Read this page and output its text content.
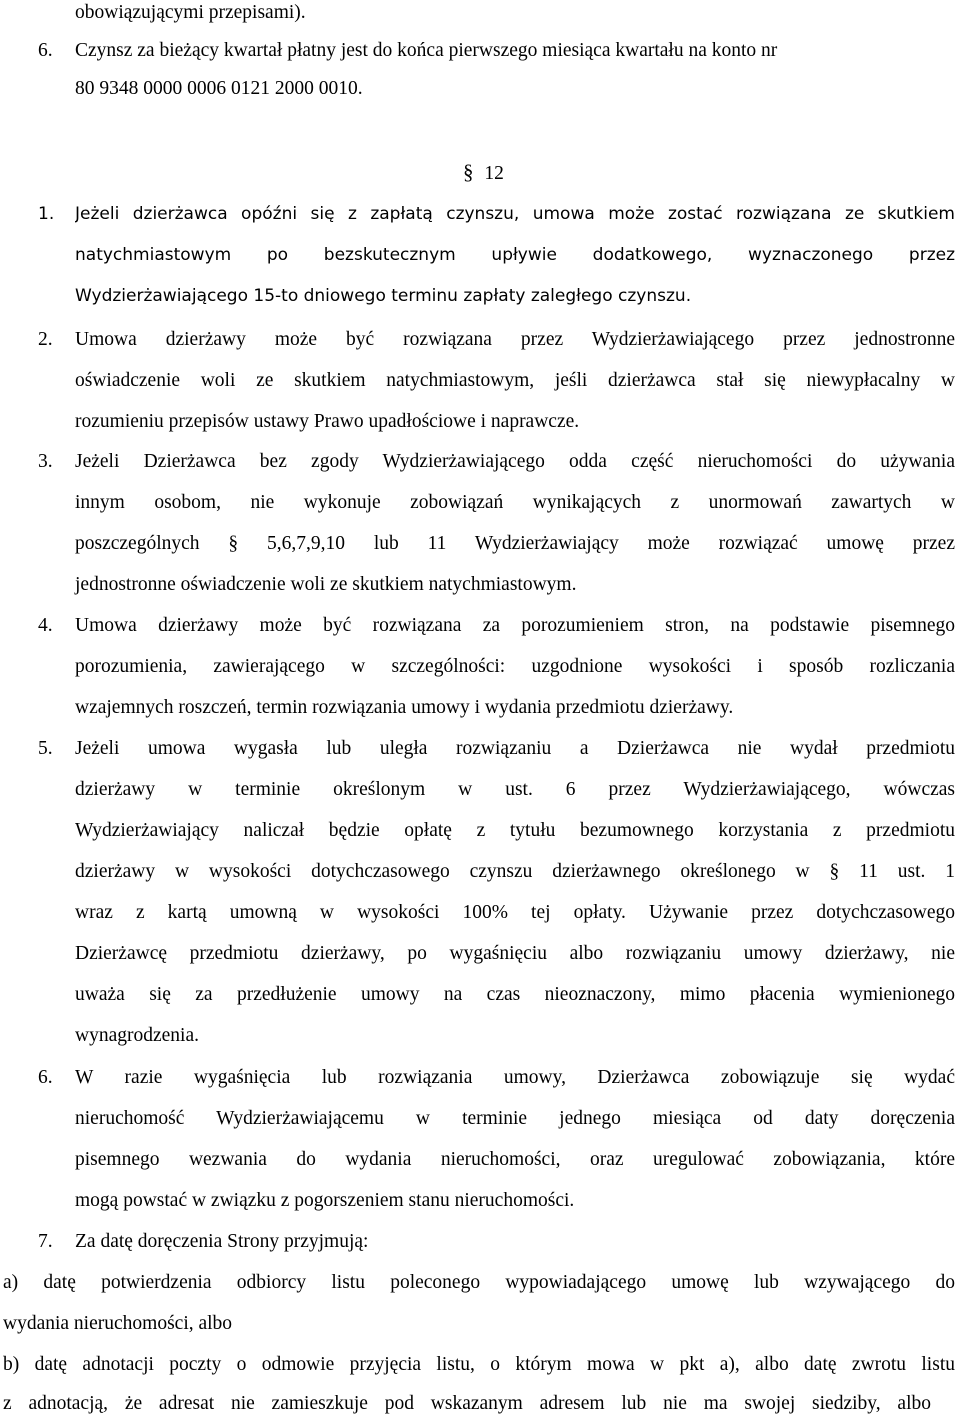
obowiązującymi przepisami).
6. Czynsz za bieżący kwartał płatny jest do końca pierwszego miesiąca kwartału na konto nr
80 9348 0000 0006 0121 2000 0010.
§ 12
1. Jeżeli dzierżawca opóźni się z zapłatą czynszu, umowa może zostać rozwiązana ze skutkiem
natychmiastowym po bezskutecznym upływie dodatkowego, wyznaczonego przez
Wydzierżawiającego 15-to dniowego terminu zapłaty zaległego czynszu.
2. Umowa dzierżawy może być rozwiązana przez Wydzierżawiającego przez jednostronne
oświadczenie woli ze skutkiem natychmiastowym, jeśli dzierżawca stał się niewypłacalny w
rozumieniu przepisów ustawy Prawo upadłościowe i naprawcze.
3. Jeżeli Dzierżawca bez zgody Wydzierżawiającego odda część nieruchomości do używania
innym osobom, nie wykonuje zobowiązań wynikających z unormowań zawartych w
poszczególnych § 5,6,7,9,10 lub 11 Wydzierżawiający może rozwiązać umowę przez
jednostronne oświadczenie woli ze skutkiem natychmiastowym.
4. Umowa dzierżawy może być rozwiązana za porozumieniem stron, na podstawie pisemnego
porozumienia, zawierającego w szczególności: uzgodnione wysokości i sposób rozliczania
wzajemnych roszczeń, termin rozwiązania umowy i wydania przedmiotu dzierżawy.
5. Jeżeli umowa wygasła lub uległa rozwiązaniu a Dzierżawca nie wydał przedmiotu
dzierżawy w terminie określonym w ust. 6 przez Wydzierżawiającego, wówczas
Wydzierżawiający naliczał będzie opłatę z tytułu bezumownego korzystania z przedmiotu
dzierżawy w wysokości dotychczasowego czynszu dzierżawnego określonego w § 11 ust. 1
wraz z kartą umowną w wysokości 100% tej opłaty. Używanie przez dotychczasowego
Dzierżawcę przedmiotu dzierżawy, po wygaśnięciu albo rozwiązaniu umowy dzierżawy, nie
uważa się za przedłużenie umowy na czas nieoznaczony, mimo płacenia wymienionego
wynagrodzenia.
6. W razie wygaśnięcia lub rozwiązania umowy, Dzierżawca zobowiązuje się wydać
nieruchomość Wydzierżawiającemu w terminie jednego miesiąca od daty doręczenia
pisemnego wezwania do wydania nieruchomości, oraz uregulować zobowiązania, które
mogą powstać w związku z pogorszeniem stanu nieruchomości.
7. Za datę doręczenia Strony przyjmują:
a) datę potwierdzenia odbiorcy listu poleconego wypowiadającego umowę lub wzywającego do
wydania nieruchomości, albo
b) datę adnotacji poczty o odmowie przyjęcia listu, o którym mowa w pkt a), albo datę zwrotu listu
z adnotacją, że adresat nie zamieszkuje pod wskazanym adresem lub nie ma swojej siedziby, albo
